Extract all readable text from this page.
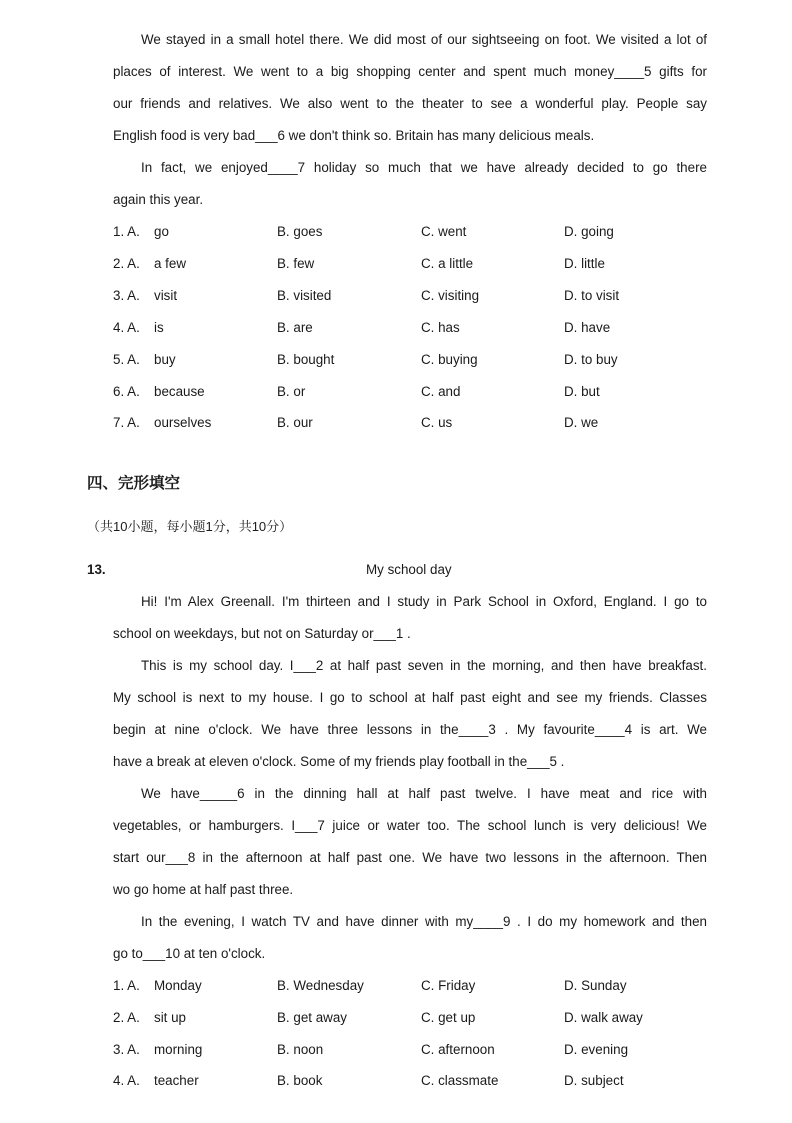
We stayed in a small hotel there. We did most of our sightseeing on foot. We visited a lot of
places of interest. We went to a big shopping center and spent much money____5 gifts for
our friends and relatives. We also went to the theater to see a wonderful play. People say
English food is very bad___6 we don't think so. Britain has many delicious meals.
In fact, we enjoyed____7 holiday so much that we have already decided to go there
again this year.
1. A. go	B. goes	C. went	D. going
2. A. a few	B. few	C. a little	D. little
3. A. visit	B. visited	C. visiting	D. to visit
4. A. is	B. are	C. has	D. have
5. A. buy	B. bought	C. buying	D. to buy
6. A. because	B. or	C. and	D. but
7. A. ourselves	B. our	C. us	D. we
四、完形填空
（共10小题，每小题1分，共10分）
13.	My school day
Hi! I'm Alex Greenall. I'm thirteen and I study in Park School in Oxford, England. I go to
school on weekdays, but not on Saturday or___1 .
This is my school day. I___2 at half past seven in the morning, and then have breakfast.
My school is next to my house. I go to school at half past eight and see my friends. Classes
begin at nine o'clock. We have three lessons in the____3 . My favourite____4 is art. We
have a break at eleven o'clock. Some of my friends play football in the___5 .
We have_____6 in the dinning hall at half past twelve. I have meat and rice with
vegetables, or hamburgers. I___7 juice or water too. The school lunch is very delicious! We
start our___8 in the afternoon at half past one. We have two lessons in the afternoon. Then
wo go home at half past three.
In the evening, I watch TV and have dinner with my____9 . I do my homework and then
go to___10 at ten o'clock.
1. A. Monday	B. Wednesday	C. Friday	D. Sunday
2. A. sit up	B. get away	C. get up	D. walk away
3. A. morning	B. noon	C. afternoon	D. evening
4. A. teacher	B. book	C. classmate	D. subject
